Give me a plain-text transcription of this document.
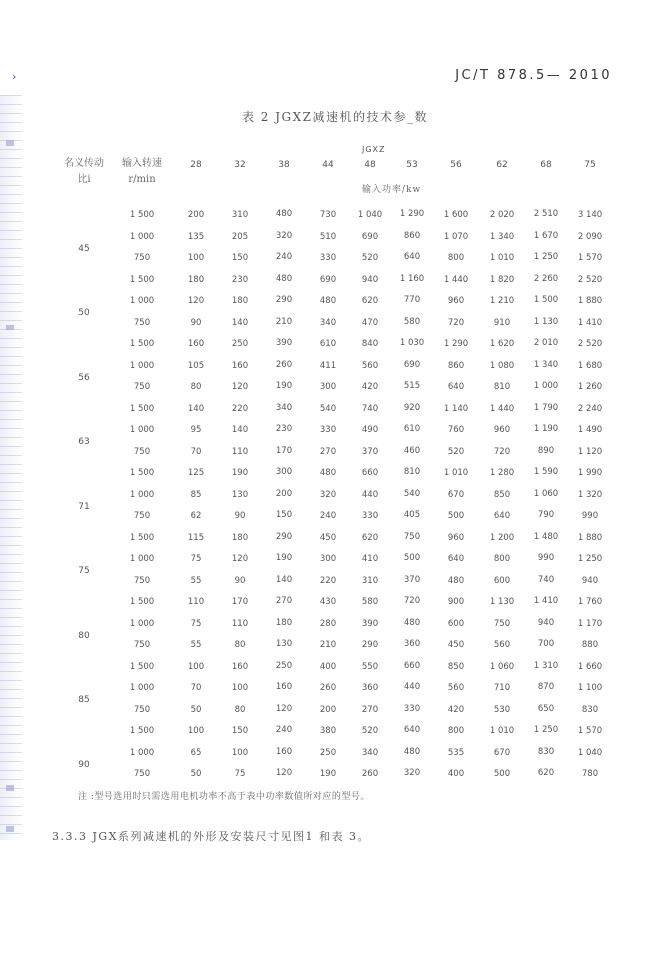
›	JC/T 878.5— 2010
表 2 JGXZ减速机的技术参_数
JGXZ
名义传动比i
输入转速r/min
28	32	38	44	48	53	56	62	68	75
输入功率/kw
45
1 500	200	310	480	730	1 040	1 290	1 600	2 020	2 510	3 140
1 000	135	205	320	510	690	860	1 070	1 340	1 670	2 090
750	100	150	240	330	520	640	800	1 010	1 250	1 570
50
1 500	180	230	480	690	940	1 160	1 440	1 820	2 260	2 520
1 000	120	180	290	480	620	770	960	1 210	1 500	1 880
750	90	140	210	340	470	580	720	910	1 130	1 410
56
1 500	160	250	390	610	840	1 030	1 290	1 620	2 010	2 520
1 000	105	160	260	411	560	690	860	1 080	1 340	1 680
750	80	120	190	300	420	515	640	810	1 000	1 260
63
1 500	140	220	340	540	740	920	1 140	1 440	1 790	2 240
1 000	95	140	230	330	490	610	760	960	1 190	1 490
750	70	110	170	270	370	460	520	720	890	1 120
71
1 500	125	190	300	480	660	810	1 010	1 280	1 590	1 990
1 000	85	130	200	320	440	540	670	850	1 060	1 320
750	62	90	150	240	330	405	500	640	790	990
75
1 500	115	180	290	450	620	750	960	1 200	1 480	1 880
1 000	75	120	190	300	410	500	640	800	990	1 250
750	55	90	140	220	310	370	480	600	740	940
80
1 500	110	170	270	430	580	720	900	1 130	1 410	1 760
1 000	75	110	180	280	390	480	600	750	940	1 170
750	55	80	130	210	290	360	450	560	700	880
85
1 500	100	160	250	400	550	660	850	1 060	1 310	1 660
1 000	70	100	160	260	360	440	560	710	870	1 100
750	50	80	120	200	270	330	420	530	650	830
90
1 500	100	150	240	380	520	640	800	1 010	1 250	1 570
1 000	65	100	160	250	340	480	535	670	830	1 040
750	50	75	120	190	260	320	400	500	620	780
注 :型号选用时只需选用电机功率不高于表中功率数值所对应的型号。
3.3.3 JGX系列减速机的外形及安装尺寸见图1 和表 3。
